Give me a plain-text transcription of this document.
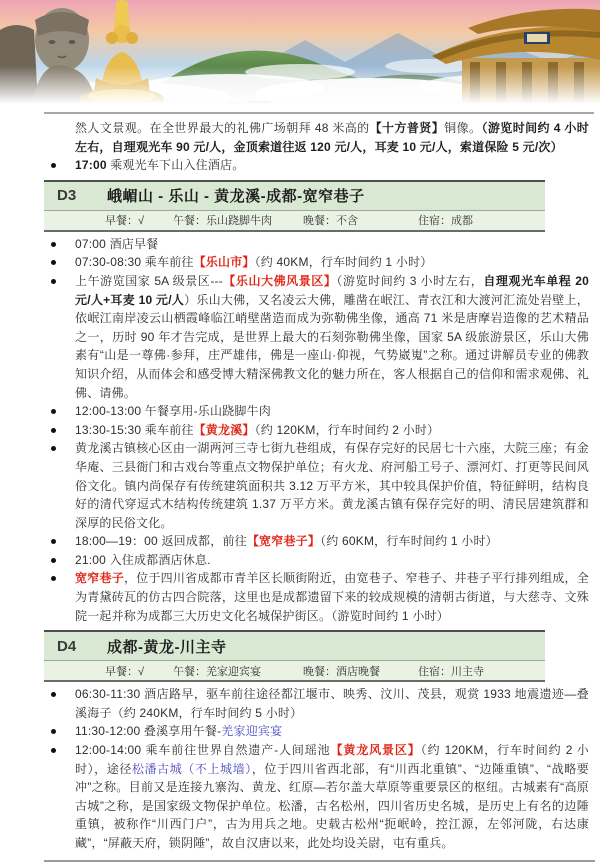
然人文景观。在全世界最大的礼佛广场朝拜 48 米高的【十方普贤】铜像。（游览时间约 4 小时左右，自理观光车 90 元/人，金顶索道往返 120 元/人，耳麦 10 元/人，索道保险 5 元/次）
17:00 乘观光车下山入住酒店。
D3	峨嵋山 - 乐山 - 黄龙溪-成都-宽窄巷子
早餐：√	午餐：乐山跷脚牛肉	晚餐：不含	住宿：成都
07:00 酒店早餐
07:30-08:30 乘车前往【乐山市】（约 40KM，行车时间约 1 小时）
上午游览国家 5A 级景区---【乐山大佛风景区】（游览时间约 3 小时左右，自理观光车单程 20 元/人+耳麦 10 元/人）乐山大佛，又名凌云大佛，雕凿在岷江、青衣江和大渡河汇流处岩壁上，依岷江南岸凌云山栖霞峰临江峭壁凿造而成为弥勒佛坐像，通高 71 米是唐摩岩造像的艺术精品之一，历时 90 年才告完成，是世界上最大的石刻弥勒佛坐像，国家 5A 级旅游景区，乐山大佛素有“山是一尊佛·参拜，庄严雄伟，佛是一座山·仰视，气势崴嵬”之称。通过讲解员专业的佛教知识介绍，从而体会和感受博大精深佛教文化的魅力所在，客人根据自己的信仰和需求观佛、礼佛、请佛。
12:00-13:00 午餐享用-乐山跷脚牛肉
13:30-15:30 乘车前往【黄龙溪】（约 120KM，行车时间约 2 小时）
黄龙溪古镇核心区由一湖两河三寺七街九巷组成，有保存完好的民居七十六座，大院三座；有金华庵、三县衙门和古戏台等重点文物保护单位；有火龙、府河船工号子、漂河灯、打更等民间风俗文化。镇内尚保存有传统建筑面积共 3.12 万平方米，其中较具保护价值，特征鲜明，结构良好的清代穿逗式木结构传统建筑 1.37 万平方米。黄龙溪古镇有保存完好的明、清民居建筑群和深厚的民俗文化。
18:00—19：00 返回成都，前往【宽窄巷子】（约 60KM，行车时间约 1 小时）
21:00 入住成都酒店休息.
宽窄巷子，位于四川省成都市青羊区长顺街附近，由宽巷子、窄巷子、井巷子平行排列组成，全为青黛砖瓦的仿古四合院落，这里也是成都遗留下来的较成规模的清朝古街道，与大慈寺、文殊院一起并称为成都三大历史文化名城保护街区。（游览时间约 1 小时）
D4	成都-黄龙-川主寺
早餐：√	午餐：羌家迎宾宴	晚餐：酒店晚餐	住宿：川主寺
06:30-11:30 酒店路早，驱车前往途径都江堰市、映秀、汶川、茂县，观赏 1933 地震遗迹—叠溪海子（约 240KM，行车时间约 5 小时）
11:30-12:00 叠溪享用午餐-羌家迎宾宴
12:00-14:00 乘车前往世界自然遗产-人间瑶池【黄龙风景区】（约 120KM，行车时间约 2 小时），途径松潘古城（不上城墙），位于四川省西北部，有“川西北重镇”、“边陲重镇”、“战略要冲”之称。目前又是连接九寨沟、黄龙、红原—若尔盖大草原等重要景区的枢纽。古城素有“高原古城”之称，是国家级文物保护单位。松潘，古名松州，四川省历史名城，是历史上有名的边陲重镇，被称作“川西门户”，古为用兵之地。史载古松州“扼岷岭，控江源，左邻河陇，右达康藏”，“屏蔽天府，锁阴陲”，故自汉唐以来，此处均设关尉，屯有重兵。
